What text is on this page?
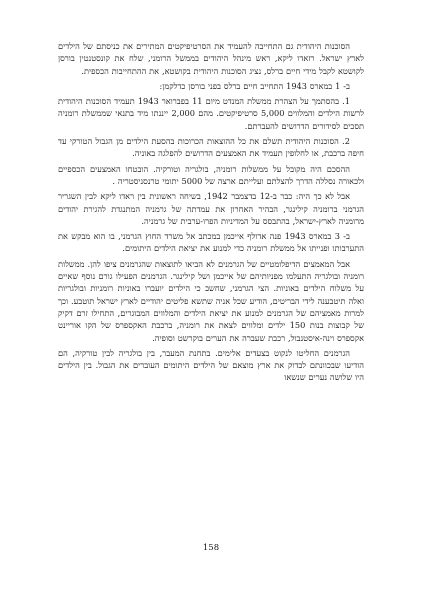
הסוכנות היהודית גם התחייבה להעמיד את הסרטיפיקטים המתירים את כניסתם של הילדים לארץ ישראל. רזאדו ליקא, ראש מינהל היהודים בממשל הרומני, שלח את קונסטנטין בורסן לקושטא לקבל מידי חיים ברלס, נציג הסוכנות היהודית בקושטא, את ההתחייבות הכספית.

ב- 1 במארס 1943 התחייב חיים ברלס בפני בורסן כדלקמן:

1. בהסתמך על הצהרת ממשלת המנדט מיום 11 בפברואר 1943 תעמיד הסוכנות היהודית לרשות הילדים והמלווים 5,000 סרטיפיקטים. מהם 2,000 ייננתו מיד בתנאי שממשלת רומניה תסכים לסידורים הדרושים להעברתם.

2. הסוכנות היהודית תשלם את כל ההוצאות הכרוכות בהסעת הילדים מן הגבול הטורקי עד חיפה ברכבת, או לחלופין תעמיד את האמצעים הדרושים להפלגה באוניה.

ההסכם היה מקובל על ממשלות רומניה, בולגריה וטורקיה. הובטחו האמצעים הכספיים ולכאורה נסללה הדרך להצלתם ועלייתם ארצה של 5000 יתומי טרנסניסטריה .

אבל לא כך היה: כבר ב-12 בדצמבר 1942, בשיחה ראשונית בין ראדו ליקא לבין השגריר הגרמני ברומניה קילינגר, הבהיר האחרון את עמדתה של גרמניה המתנגדת להגירת יהודים מרומניה לארץ-ישראל, בהתבסס על המדיניות הפרו-ערבית של גרמניה.

ב- 3 במארס 1943 פנה אדולף אייכמן במכתב אל משרד החוץ הגרמני, בו הוא מבקש את התערבותו ופנייתו אל ממשלת רומניה כדי למנוע את יציאת הילדים היתומים.

אבל המאמצים הדיפלומטיים של הגרמנים לא הביאו לתוצאות שהגרמנים ציפו להן. ממשלות רומניה ובולגריה התעלמו מפניותיהם של אייכמן ושל קילינגר. הגרמנים הפעילו גורם נוסף שאיים על משלוח הילדים באוניות. הצי הגרמני, שחשב כי הילדים יועברו באוניות רומניות ובולגריות ואלה תיטבענה לידי הבריטים, הודיע שכל אניה שתשא פליטים יהודיים לארץ ישראל תוטבע. וכך למרות מאמציהם של הגרמנים למנוע את יציאת הילדים והמלווים המבוגרים, התחילו זרם דקיק של קבוצות בנות 150 ילדים ומלווים לצאת את רומניה, ברכבת האקספרס של הקו אוריינט אקספרס וינה-איסטנבול, רכבת שעברה את הערים בוקרשט וסופיה.

הגרמנים החליטו לנקוט בצעדים אלימים. בתחנת המעבר, בין בולגריה לבין טורקיה, הם הודיעו שבכוונתם לבדוק את ארץ מוצאם של הילדים היתומים העוברים את הגבול. בין הילדים היו שלושה נערים שנשאו

158
